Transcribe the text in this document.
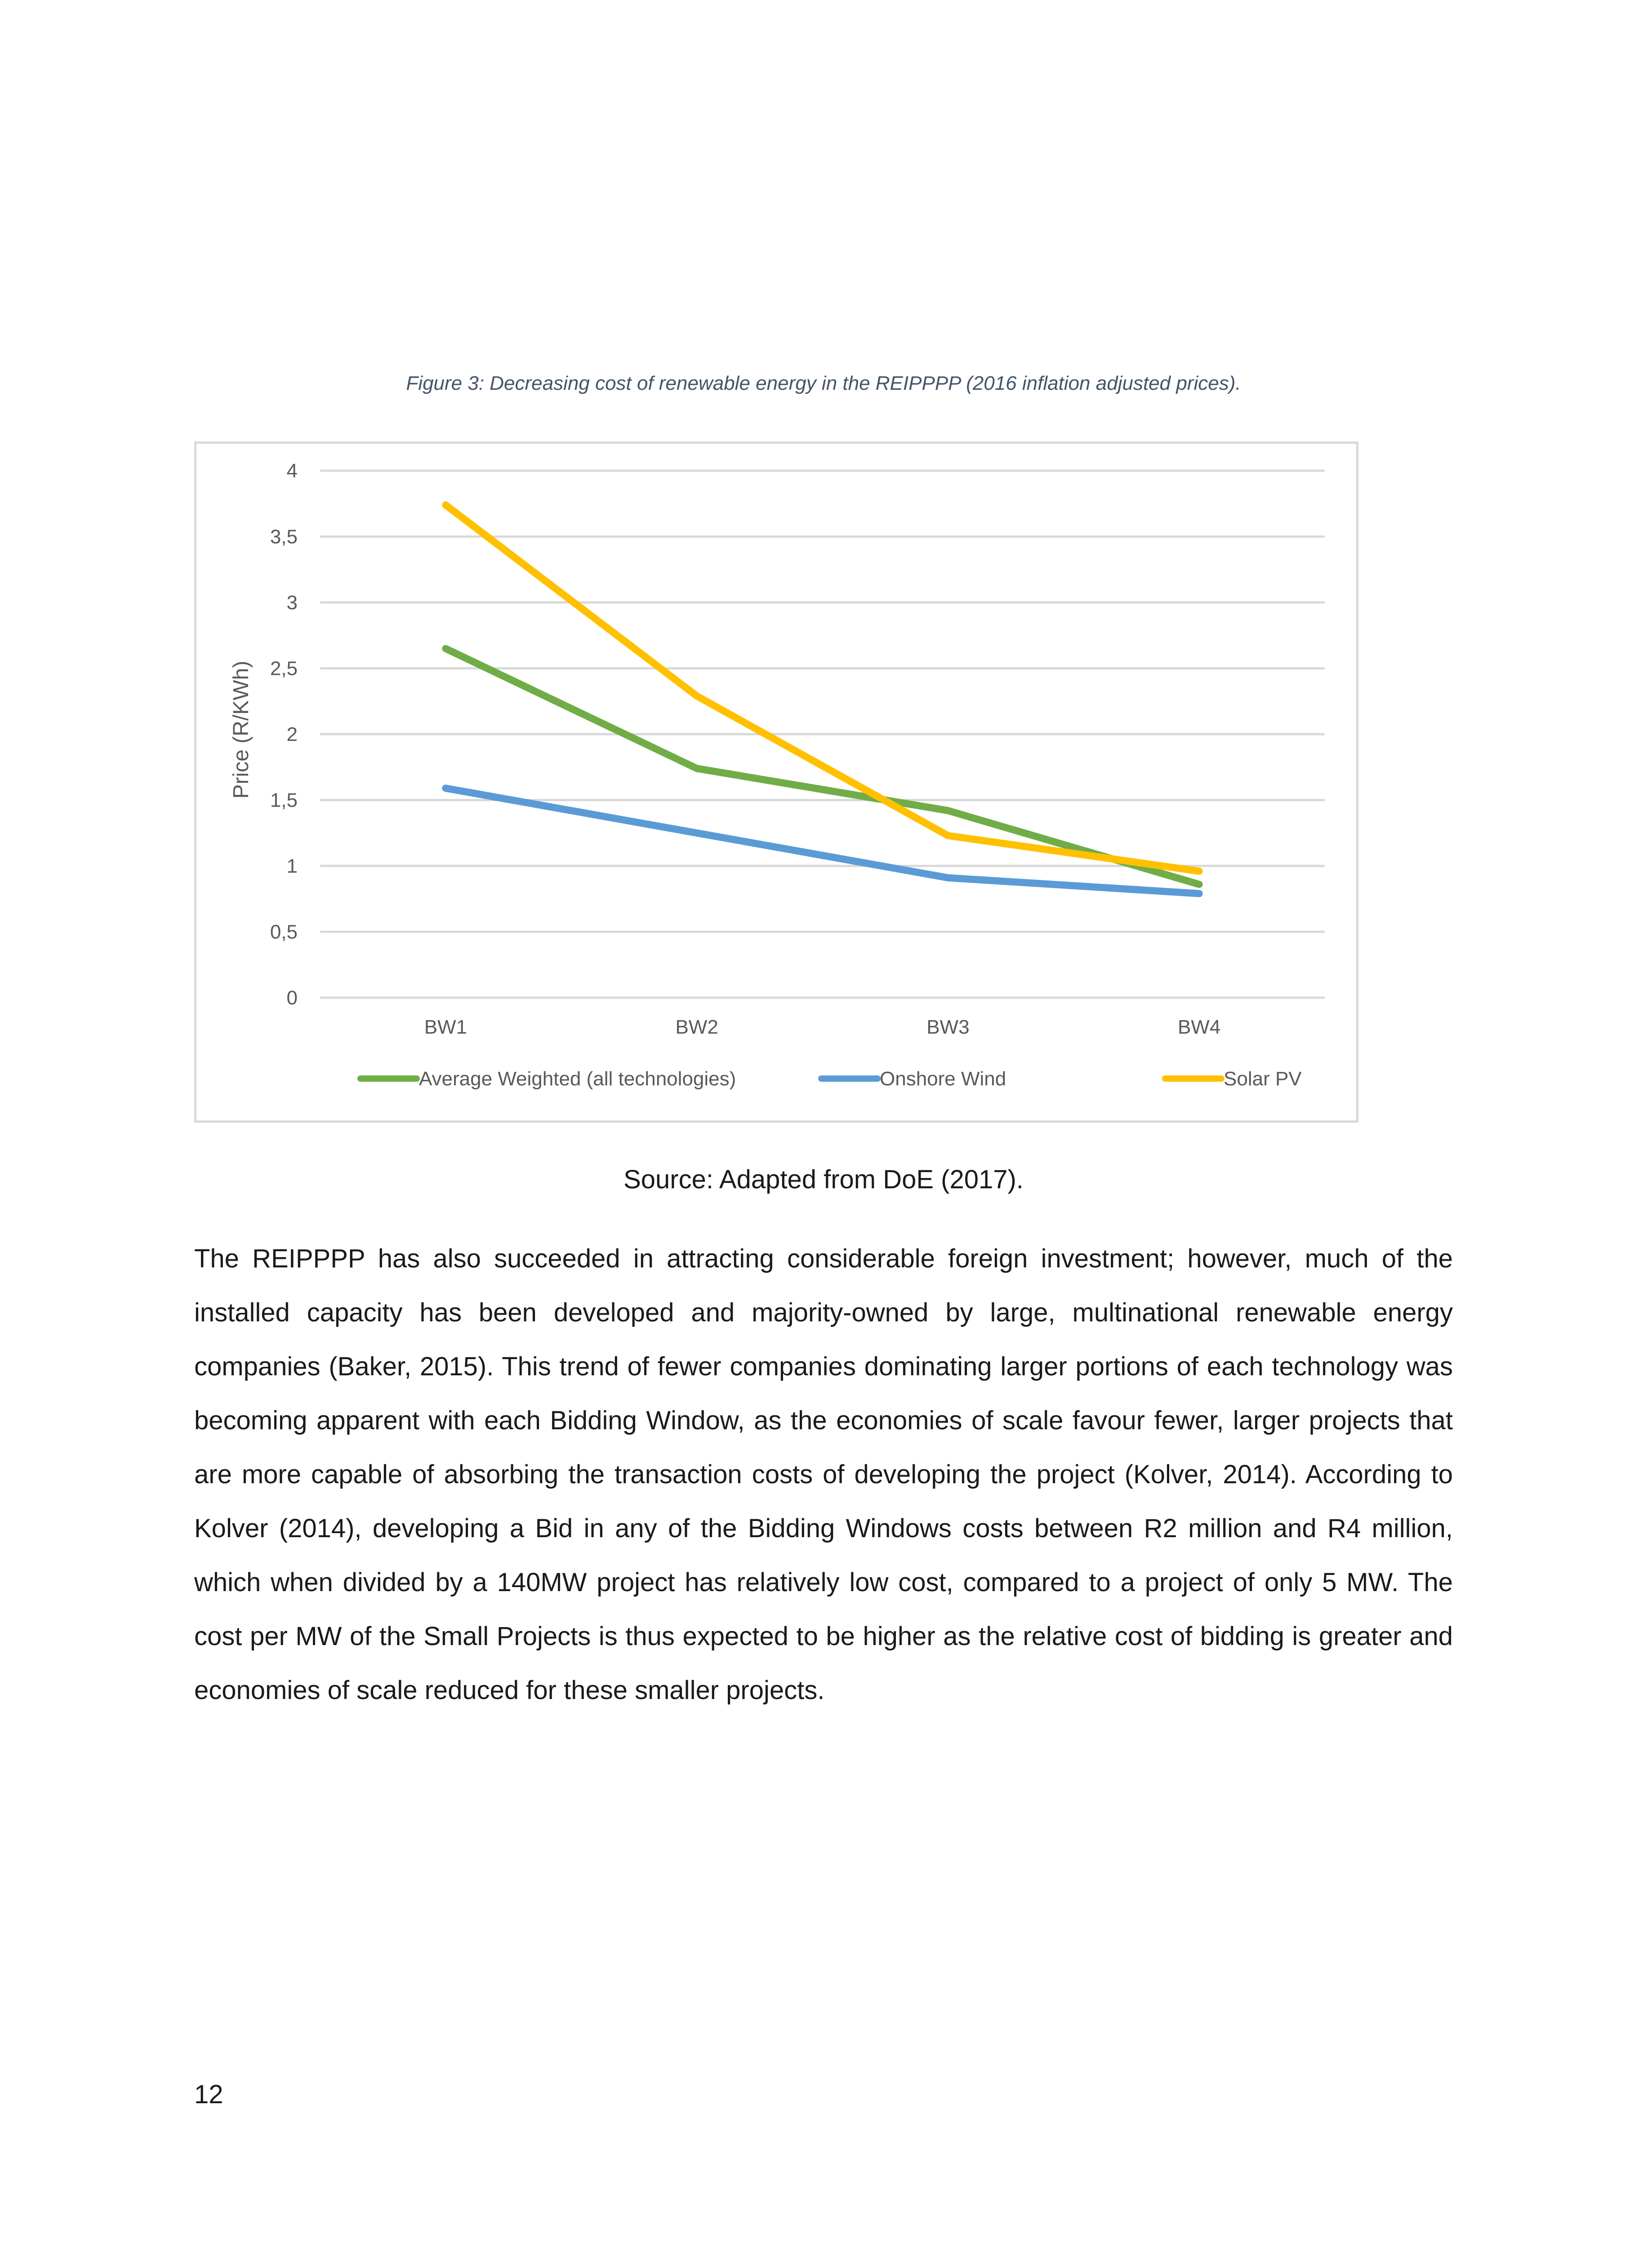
Figure 3: Decreasing cost of renewable energy in the REIPPPP (2016 inflation adjusted prices).
0
0,5
1
1,5
2
2,5
3
3,5
4
BW1	BW2	BW3	BW4
Average Weighted (all technologies)	Onshore Wind	Solar PV
Price (R/KWh)
Source: Adapted from DoE (2017).
The REIPPPP has also succeeded in attracting considerable foreign investment; however, much of the installed capacity has been developed and majority-owned by large, multinational renewable energy companies (Baker, 2015). This trend of fewer companies dominating larger portions of each technology was becoming apparent with each Bidding Window, as the economies of scale favour fewer, larger projects that are more capable of absorbing the transaction costs of developing the project (Kolver, 2014). According to Kolver (2014), developing a Bid in any of the Bidding Windows costs between R2 million and R4 million, which when divided by a 140MW project has relatively low cost, compared to a project of only 5 MW. The cost per MW of the Small Projects is thus expected to be higher as the relative cost of bidding is greater and economies of scale reduced for these smaller projects.
12
